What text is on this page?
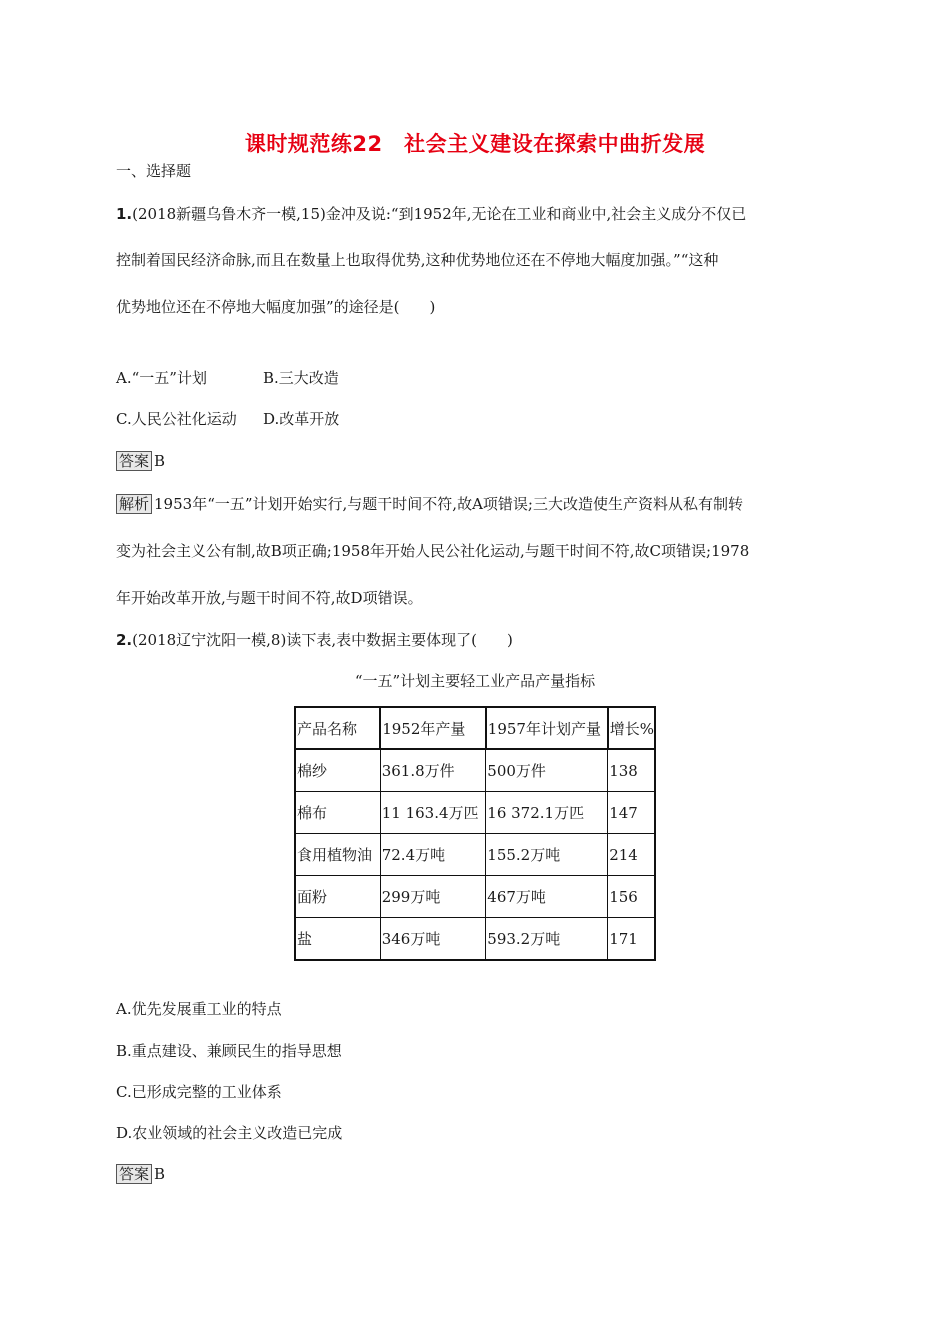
课时规范练22　社会主义建设在探索中曲折发展
一、选择题
1.(2018新疆乌鲁木齐一模,15)金冲及说:“到1952年,无论在工业和商业中,社会主义成分不仅已
控制着国民经济命脉,而且在数量上也取得优势,这种优势地位还在不停地大幅度加强。”“这种
优势地位还在不停地大幅度加强”的途径是(　　)
A.“一五”计划	B.三大改造
C.人民公社化运动 D.改革开放
答案 B
解析 1953年“一五”计划开始实行,与题干时间不符,故A项错误;三大改造使生产资料从私有制转
变为社会主义公有制,故B项正确;1958年开始人民公社化运动,与题干时间不符,故C项错误;1978
年开始改革开放,与题干时间不符,故D项错误。
2.(2018辽宁沈阳一模,8)读下表,表中数据主要体现了(　　)
“一五”计划主要轻工业产品产量指标
产品名称	1952年产量	1957年计划产量	增长%
棉纱	361.8万件	500万件	138
棉布	11 163.4万匹	16 372.1万匹	147
食用植物油	72.4万吨	155.2万吨	214
面粉	299万吨	467万吨	156
盐	346万吨	593.2万吨	171
A.优先发展重工业的特点
B.重点建设、兼顾民生的指导思想
C.已形成完整的工业体系
D.农业领域的社会主义改造已完成
答案 B
